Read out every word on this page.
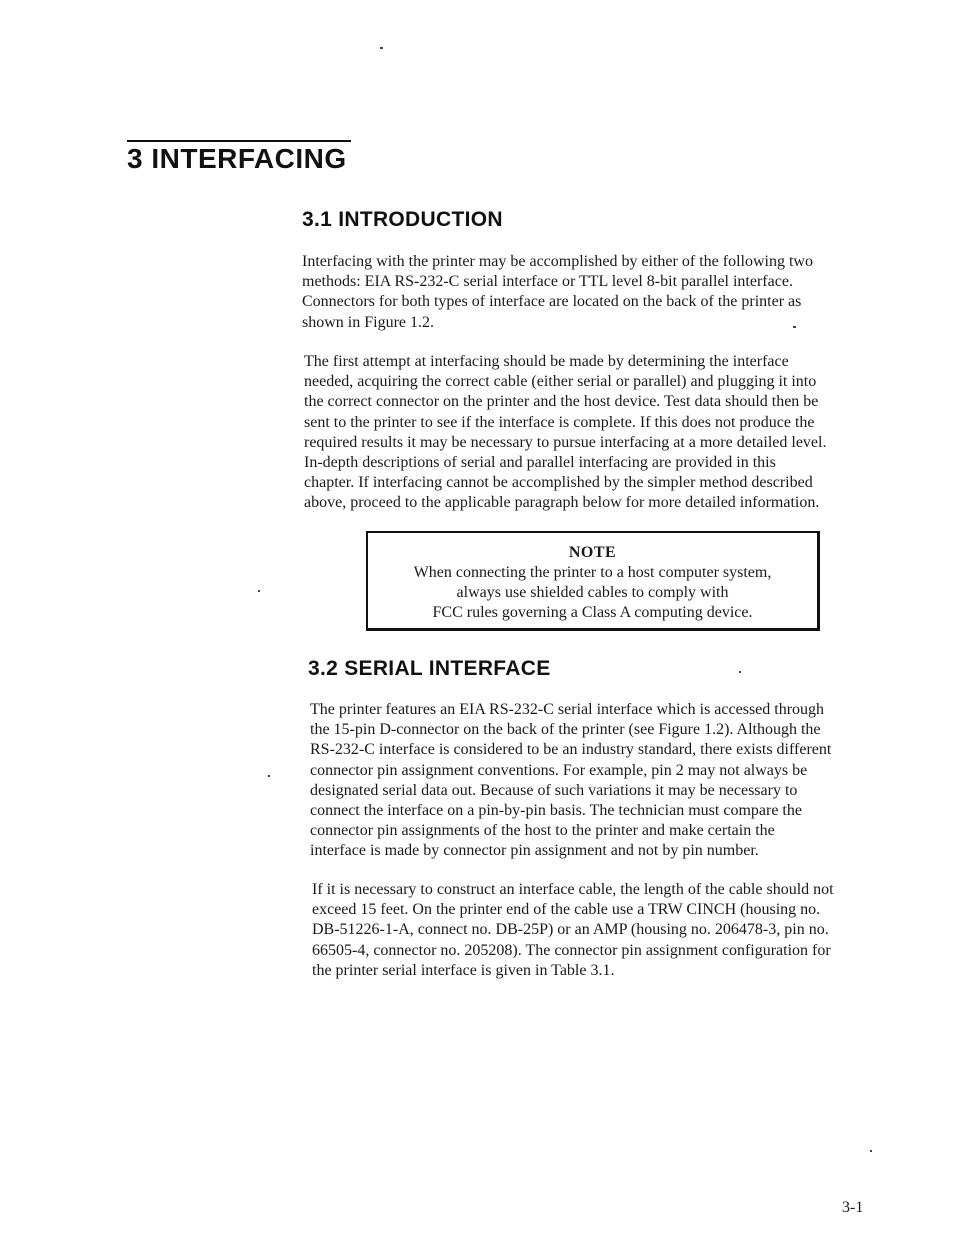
3 INTERFACING
3.1 INTRODUCTION
Interfacing with the printer may be accomplished by either of the following two
methods: EIA RS-232-C serial interface or TTL level 8-bit parallel interface.
Connectors for both types of interface are located on the back of the printer as
shown in Figure 1.2.
The first attempt at interfacing should be made by determining the interface
needed, acquiring the correct cable (either serial or parallel) and plugging it into
the correct connector on the printer and the host device. Test data should then be
sent to the printer to see if the interface is complete. If this does not produce the
required results it may be necessary to pursue interfacing at a more detailed level.
In-depth descriptions of serial and parallel interfacing are provided in this
chapter. If interfacing cannot be accomplished by the simpler method described
above, proceed to the applicable paragraph below for more detailed information.
NOTE
When connecting the printer to a host computer system,
always use shielded cables to comply with
FCC rules governing a Class A computing device.
3.2 SERIAL INTERFACE
The printer features an EIA RS-232-C serial interface which is accessed through
the 15-pin D-connector on the back of the printer (see Figure 1.2). Although the
RS-232-C interface is considered to be an industry standard, there exists different
connector pin assignment conventions. For example, pin 2 may not always be
designated serial data out. Because of such variations it may be necessary to
connect the interface on a pin-by-pin basis. The technician must compare the
connector pin assignments of the host to the printer and make certain the
interface is made by connector pin assignment and not by pin number.
If it is necessary to construct an interface cable, the length of the cable should not
exceed 15 feet. On the printer end of the cable use a TRW CINCH (housing no.
DB-51226-1-A, connect no. DB-25P) or an AMP (housing no. 206478-3, pin no.
66505-4, connector no. 205208). The connector pin assignment configuration for
the printer serial interface is given in Table 3.1.
3-1
